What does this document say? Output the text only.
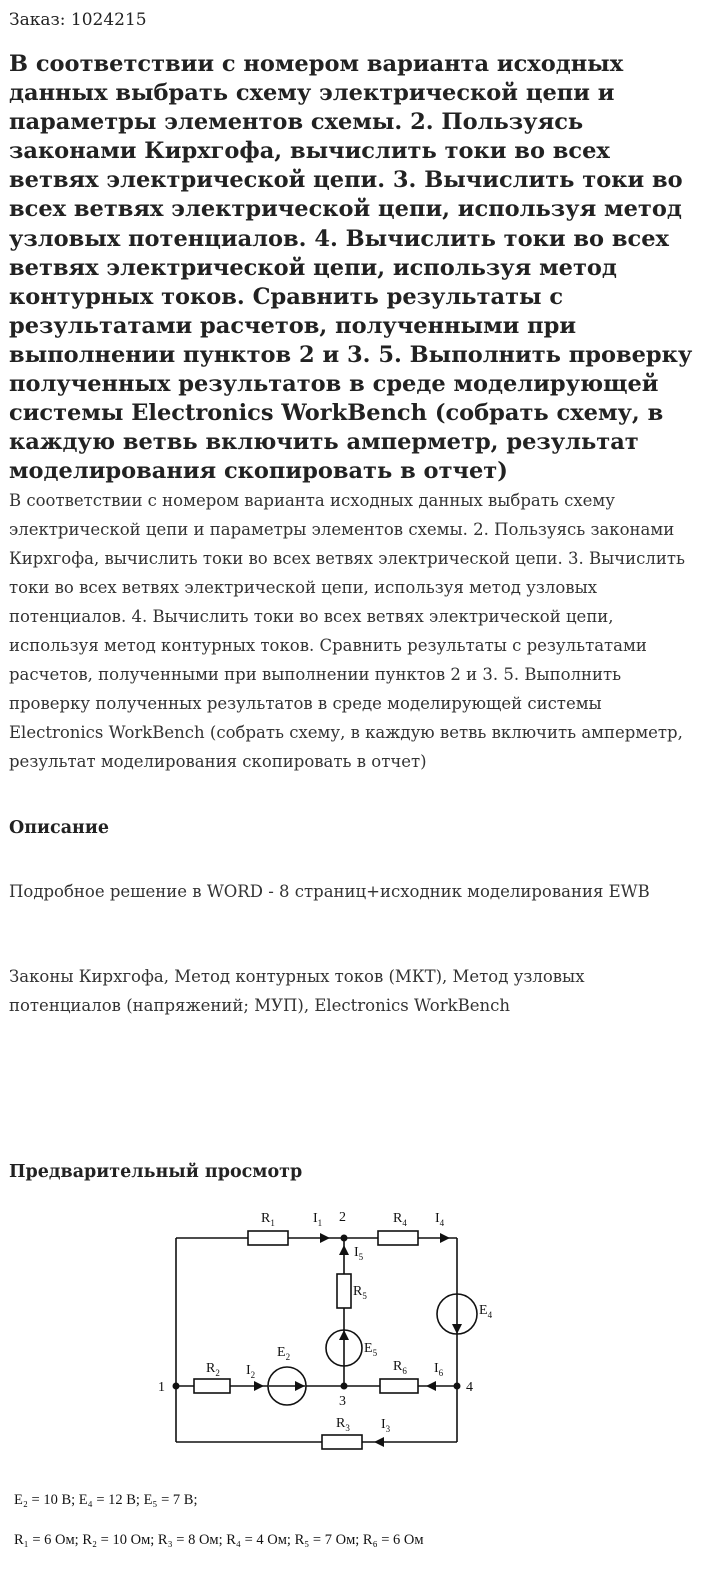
Заказ: 1024215
В соответствии с номером варианта исходных данных выбрать схему электрической цепи и параметры элементов схемы. 2. Пользуясь законами Кирхгофа, вычислить токи во всех ветвях электрической цепи. 3. Вычислить токи во всех ветвях электрической цепи, используя метод узловых потенциалов. 4. Вычислить токи во всех ветвях электрической цепи, используя метод контурных токов. Сравнить результаты с результатами расчетов, полученными при выполнении пунктов 2 и 3. 5. Выполнить проверку полученных результатов в среде моделирующей системы Electronics WorkBench (собрать схему, в каждую ветвь включить амперметр, результат моделирования скопировать в отчет)

В соответствии с номером варианта исходных данных выбрать схему электрической цепи и параметры элементов схемы. 2. Пользуясь законами Кирхгофа, вычислить токи во всех ветвях электрической цепи. 3. Вычислить токи во всех ветвях электрической цепи, используя метод узловых потенциалов. 4. Вычислить токи во всех ветвях электрической цепи, используя метод контурных токов. Сравнить результаты с результатами расчетов, полученными при выполнении пунктов 2 и 3. 5. Выполнить проверку полученных результатов в среде моделирующей системы Electronics WorkBench (собрать схему, в каждую ветвь включить амперметр, результат моделирования скопировать в отчет)

Описание

Подробное решение в WORD - 8 страниц+исходник моделирования EWB

Законы Кирхгофа, Метод контурных токов (МКТ), Метод узловых потенциалов (напряжений; МУП), Electronics WorkBench

Предварительный просмотр
1
2
3
4
$R_1$
$R_2$
$R_3$
$R_4$
$R_5$
$R_6$
$E_2$
$E_4$
$E_5$
$I_1$
$I_2$
$I_3$
$I_4$
$I_5$
$I_6$

E₂ = 10 В; E₄ = 12 В; E₅ = 7 В;

R₁ = 6 Ом; R₂ = 10 Ом; R₃ = 8 Ом; R₄ = 4 Ом; R₅ = 7 Ом; R₆ = 6 Ом
